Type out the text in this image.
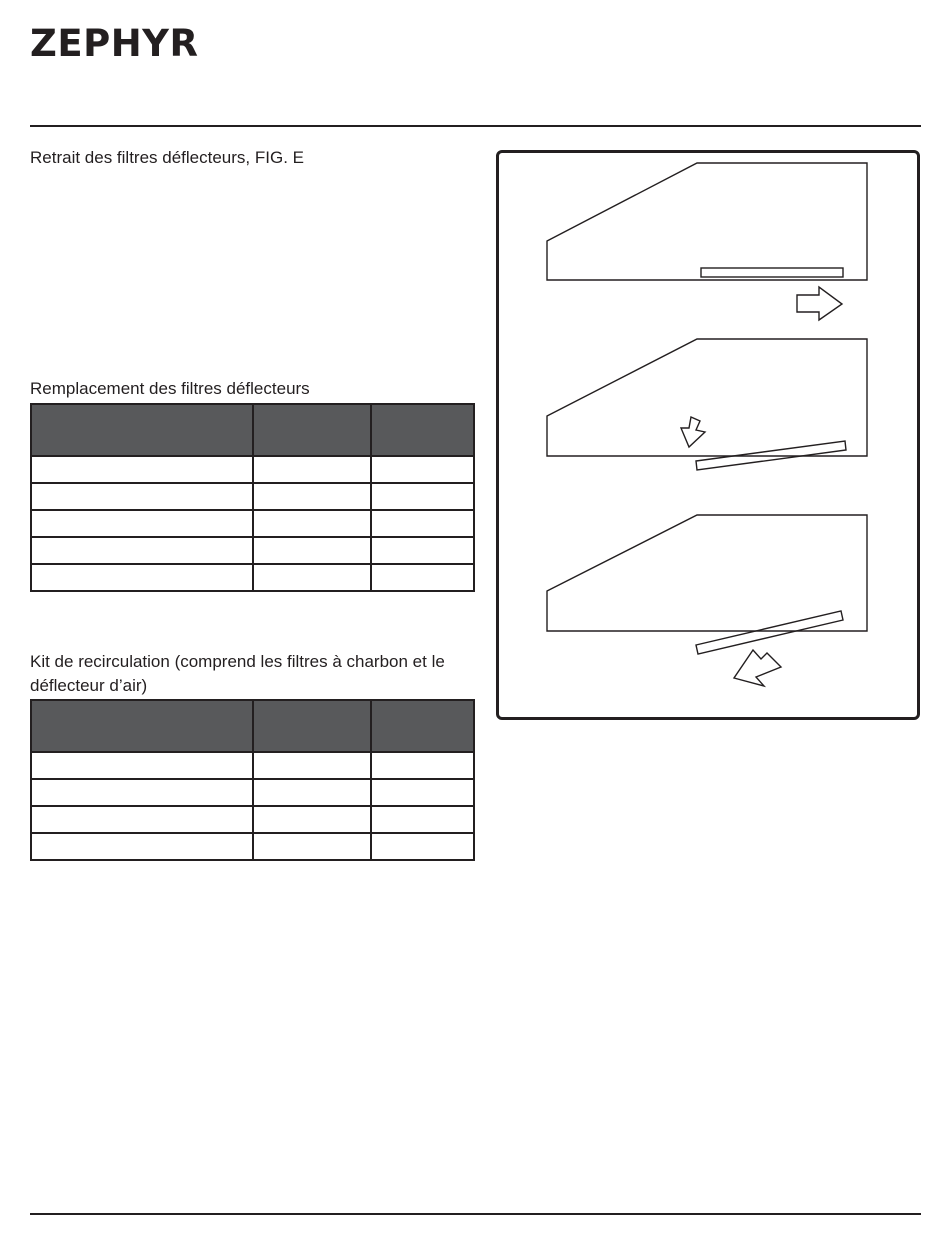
ZEPHYR
Retrait des filtres déflecteurs, FIG. E
Remplacement des filtres déflecteurs

Kit de recirculation (comprend les filtres à charbon et le déflecteur d’air)
